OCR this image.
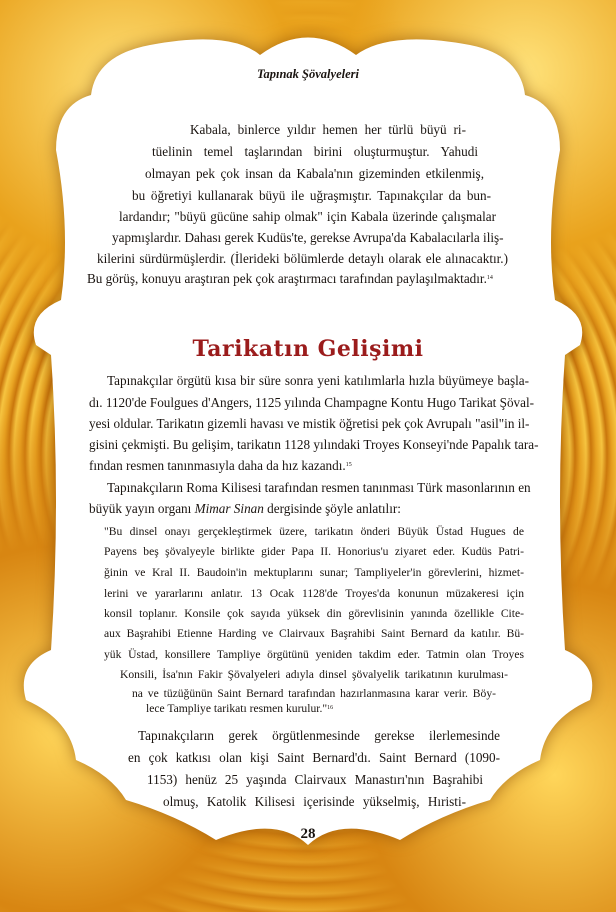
Tapınak Şövalyeleri
Kabala, binlerce yıldır hemen her türlü büyü ri-
tüelinin temel taşlarından birini oluşturmuştur. Yahudi
olmayan pek çok insan da Kabala'nın gizeminden etkilenmiş,
bu öğretiyi kullanarak büyü ile uğraşmıştır. Tapınakçılar da bun-
lardandır; "büyü gücüne sahip olmak" için Kabala üzerinde çalışmalar
yapmışlardır. Dahası gerek Kudüs'te, gerekse Avrupa'da Kabalacılarla iliş-
kilerini sürdürmüşlerdir. (İlerideki bölümlerde detaylı olarak ele alınacaktır.)
Bu görüş, konuyu araştıran pek çok araştırmacı tarafından paylaşılmaktadır.$^{14}$
Tarikatın Gelişimi
Tapınakçılar örgütü kısa bir süre sonra yeni katılımlarla hızla büyümeye başla-
dı. 1120'de Foulgues d'Angers, 1125 yılında Champagne Kontu Hugo Tarikat Şöval-
yesi oldular. Tarikatın gizemli havası ve mistik öğretisi pek çok Avrupalı "asil"in il-
gisini çekmişti. Bu gelişim, tarikatın 1128 yılındaki Troyes Konseyi'nde Papalık tara-
fından resmen tanınmasıyla daha da hız kazandı.$^{15}$
Tapınakçıların Roma Kilisesi tarafından resmen tanınması Türk masonlarının en
büyük yayın organı Mimar Sinan dergisinde şöyle anlatılır:
"Bu dinsel onayı gerçekleştirmek üzere, tarikatın önderi Büyük Üstad Hugues de
Payens beş şövalyeyle birlikte gider Papa II. Honorius'u ziyaret eder. Kudüs Patri-
ğinin ve Kral II. Baudoin'in mektuplarını sunar; Tampliyeler'in görevlerini, hizmet-
lerini ve yararlarını anlatır. 13 Ocak 1128'de Troyes'da konunun müzakeresi için
konsil toplanır. Konsile çok sayıda yüksek din görevlisinin yanında özellikle Cite-
aux Başrahibi Etienne Harding ve Clairvaux Başrahibi Saint Bernard da katılır. Bü-
yük Üstad, konsillere Tampliye örgütünü yeniden takdim eder. Tatmin olan Troyes
Konsili, İsa'nın Fakir Şövalyeleri adıyla dinsel şövalyelik tarikatının kurulması-
na ve tüzüğünün Saint Bernard tarafından hazırlanmasına karar verir. Böy-
lece Tampliye tarikatı resmen kurulur."$^{16}$
Tapınakçıların gerek örgütlenmesinde gerekse ilerlemesinde
en çok katkısı olan kişi Saint Bernard'dı. Saint Bernard (1090-
1153) henüz 25 yaşında Clairvaux Manastırı'nın Başrahibi
olmuş, Katolik Kilisesi içerisinde yükselmiş, Hıristi-
28
